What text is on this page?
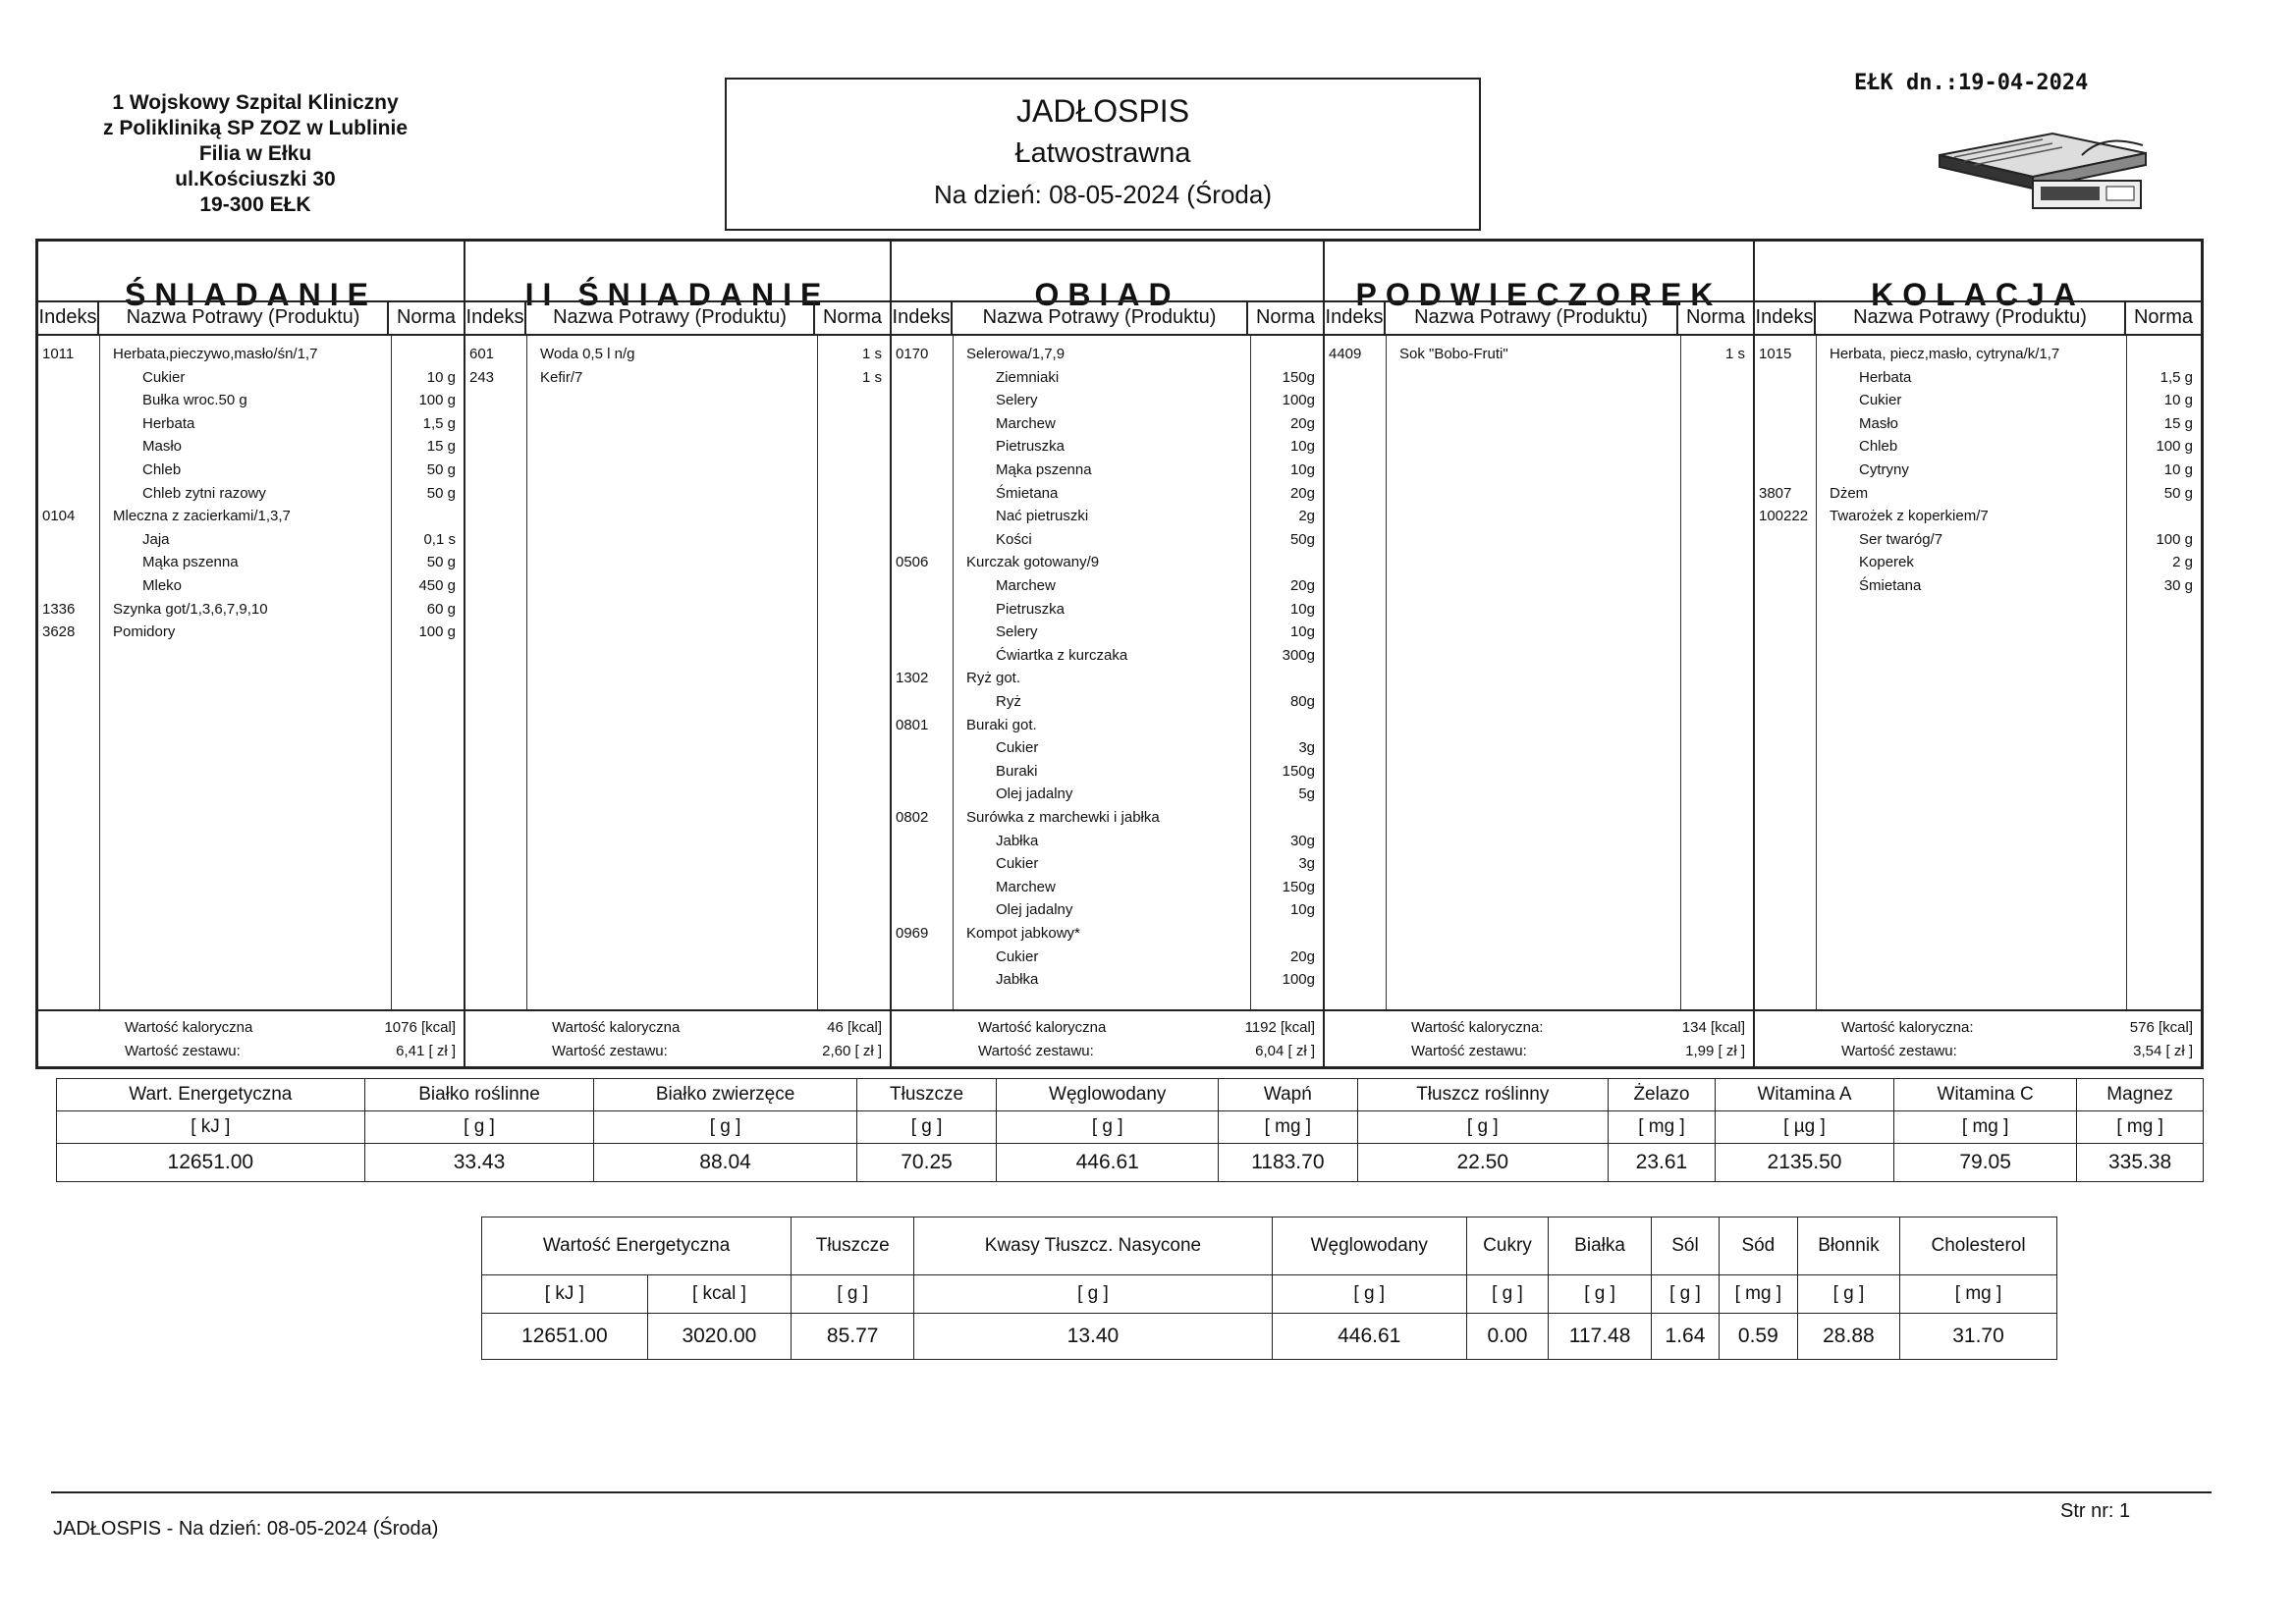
1 Wojskowy Szpital Kliniczny
z Polikliniką SP ZOZ w Lublinie
Filia w Ełku
ul.Kościuszki 30
19-300 EŁK
JADŁOSPIS
Łatwostrawna
Na dzień: 08-05-2024 (Środa)
EŁK dn.:19-04-2024
ŚNIADANIE
Indeks	Nazwa Potrawy (Produktu)	Norma
1011	Herbata,pieczywo,masło/śn/1,7
Cukier	10 g
Bułka wroc.50 g	100 g
Herbata	1,5 g
Masło	15 g
Chleb	50 g
Chleb zytni razowy	50 g
0104	Mleczna z zacierkami/1,3,7
Jaja	0,1 s
Mąka pszenna	50 g
Mleko	450 g
1336	Szynka got/1,3,6,7,9,10	60 g
3628	Pomidory	100 g
Wartość kaloryczna	1076 [kcal]
Wartość zestawu:	6,41 [ zł ]
II ŚNIADANIE
Indeks	Nazwa Potrawy (Produktu)	Norma
601	Woda 0,5 l n/g	1 s
243	Kefir/7	1 s
Wartość kaloryczna	46 [kcal]
Wartość zestawu:	2,60 [ zł ]
OBIAD
Indeks	Nazwa Potrawy (Produktu)	Norma
0170	Selerowa/1,7,9
Ziemniaki	150g
Selery	100g
Marchew	20g
Pietruszka	10g
Mąka pszenna	10g
Śmietana	20g
Nać pietruszki	2g
Kości	50g
0506	Kurczak gotowany/9
Marchew	20g
Pietruszka	10g
Selery	10g
Ćwiartka z kurczaka	300g
1302	Ryż got.
Ryż	80g
0801	Buraki got.
Cukier	3g
Buraki	150g
Olej jadalny	5g
0802	Surówka z marchewki i jabłka
Jabłka	30g
Cukier	3g
Marchew	150g
Olej jadalny	10g
0969	Kompot jabkowy*
Cukier	20g
Jabłka	100g
Wartość kaloryczna	1192 [kcal]
Wartość zestawu:	6,04 [ zł ]
PODWIECZOREK
Indeks	Nazwa Potrawy (Produktu)	Norma
4409	Sok "Bobo-Fruti"	1 s
Wartość kaloryczna:	134 [kcal]
Wartość zestawu:	1,99 [ zł ]
KOLACJA
Indeks	Nazwa Potrawy (Produktu)	Norma
1015	Herbata, piecz,masło, cytryna/k/1,7
Herbata	1,5 g
Cukier	10 g
Masło	15 g
Chleb	100 g
Cytryny	10 g
3807	Dżem	50 g
100222 Twarożek z koperkiem/7
Ser twaróg/7	100 g
Koperek	2 g
Śmietana	30 g
Wartość kaloryczna:	576 [kcal]
Wartość zestawu:	3,54 [ zł ]
Wart. Energetyczna	Białko roślinne	Białko zwierzęce	Tłuszcze	Węglowodany	Wapń	Tłuszcz roślinny	Żelazo	Witamina A	Witamina C	Magnez
[ kJ ]	[ g ]	[ g ]	[ g ]	[ g ]	[ mg ]	[ g ]	[ mg ]	[ µg ]	[ mg ]	[ mg ]
12651.00	33.43	88.04	70.25	446.61	1183.70	22.50	23.61	2135.50	79.05	335.38
Wartość Energetyczna		Tłuszcze	Kwasy Tłuszcz. Nasycone	Węglowodany	Cukry	Białka	Sól	Sód	Błonnik	Cholesterol
[ kJ ]	[ kcal ]	[ g ]	[ g ]	[ g ]	[ g ]	[ g ]	[ g ]	[ mg ]	[ g ]	[ mg ]
12651.00	3020.00	85.77	13.40	446.61	0.00	117.48	1.64	0.59	28.88	31.70
JADŁOSPIS - Na dzień: 08-05-2024 (Środa)
Str nr: 1
